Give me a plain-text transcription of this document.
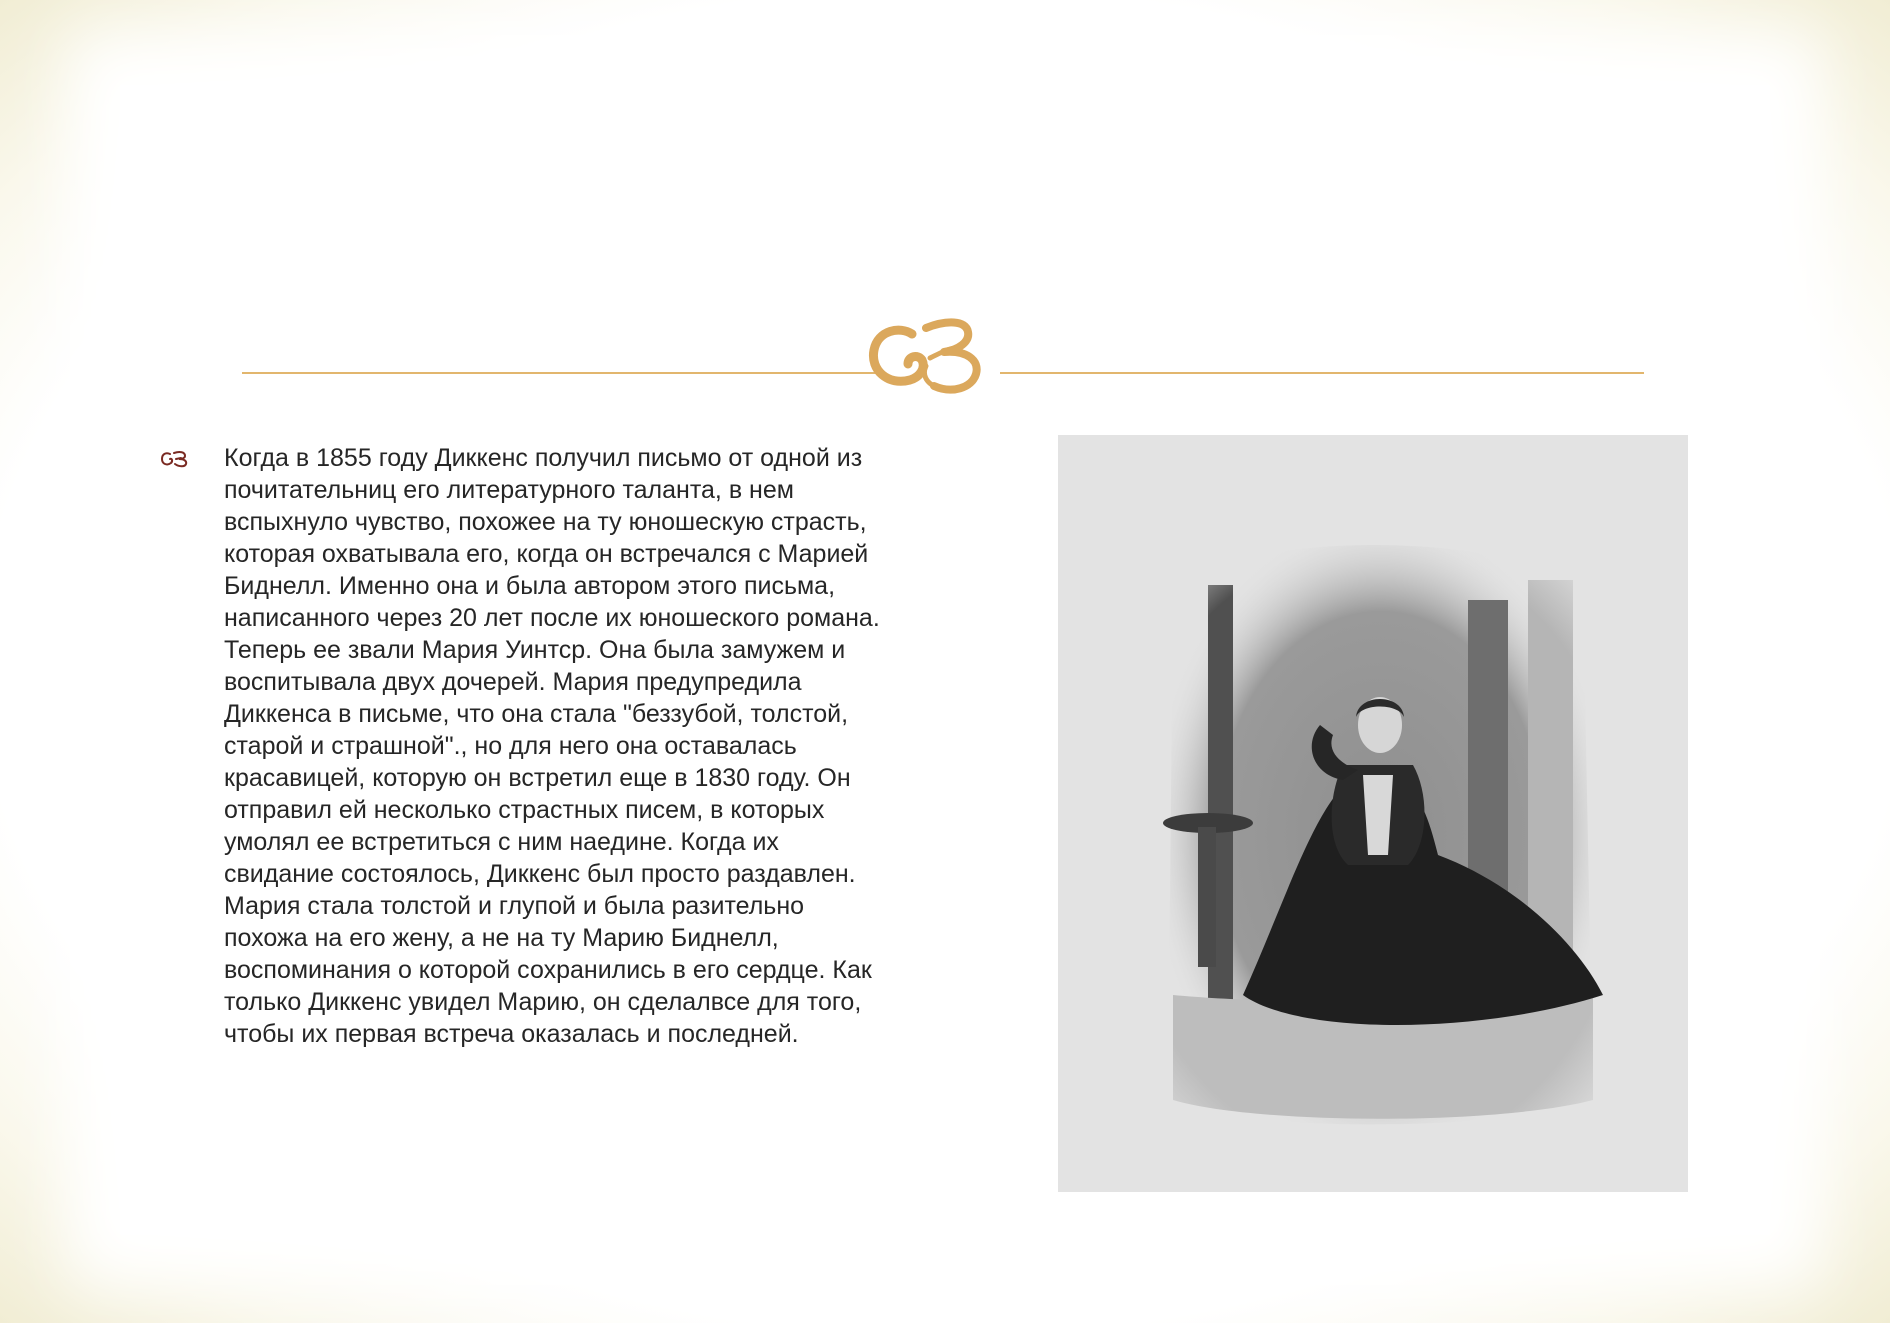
Когда в 1855 году Диккенс получил письмо от одной из
почитательниц его литературного таланта, в нем
вспыхнуло чувство, похожее на ту юношескую страсть,
которая охватывала его, когда он встречался с Марией
Биднелл. Именно она и была автором этого письма,
написанного через 20 лет после их юношеского романа.
Теперь ее звали Мария Уинтср. Она была замужем и
воспитывала двух дочерей. Мария предупредила
Диккенса в письме, что она стала "беззубой, толстой,
старой и страшной"., но для него она оставалась
красавицей, которую он встретил еще в 1830 году. Он
отправил ей несколько страстных писем, в которых
умолял ее встретиться с ним наедине. Когда их
свидание состоялось, Диккенс был просто раздавлен.
Мария стала толстой и глупой и была разительно
похожа на его жену, а не на ту Марию Биднелл,
воспоминания о которой сохранились в его сердце. Как
только Диккенс увидел Марию, он сделалвсе для того,
чтобы их первая встреча оказалась и последней.
